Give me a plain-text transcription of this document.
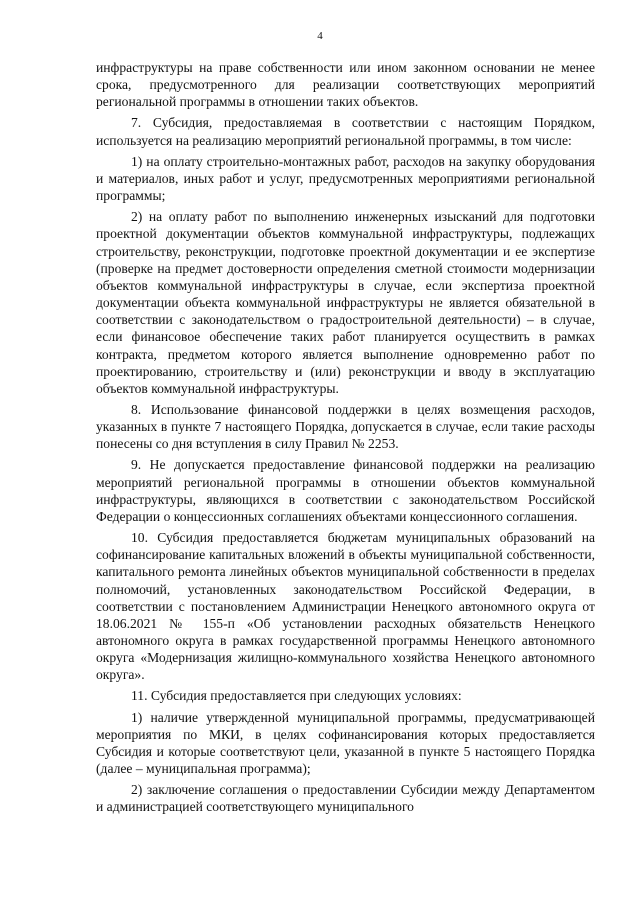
4

инфраструктуры на праве собственности или ином законном основании не менее срока, предусмотренного для реализации соответствующих мероприятий региональной программы в отношении таких объектов.

7. Субсидия, предоставляемая в соответствии с настоящим Порядком, используется на реализацию мероприятий региональной программы, в том числе:

1) на оплату строительно-монтажных работ, расходов на закупку оборудования и материалов, иных работ и услуг, предусмотренных мероприятиями региональной программы;

2) на оплату работ по выполнению инженерных изысканий для подготовки проектной документации объектов коммунальной инфраструктуры, подлежащих строительству, реконструкции, подготовке проектной документации и ее экспертизе (проверке на предмет достоверности определения сметной стоимости модернизации объектов коммунальной инфраструктуры в случае, если экспертиза проектной документации объекта коммунальной инфраструктуры не является обязательной в соответствии с законодательством о градостроительной деятельности) – в случае, если финансовое обеспечение таких работ планируется осуществить в рамках контракта, предметом которого является выполнение одновременно работ по проектированию, строительству и (или) реконструкции и вводу в эксплуатацию объектов коммунальной инфраструктуры.

8. Использование финансовой поддержки в целях возмещения расходов, указанных в пункте 7 настоящего Порядка, допускается в случае, если такие расходы понесены со дня вступления в силу Правил № 2253.

9. Не допускается предоставление финансовой поддержки на реализацию мероприятий региональной программы в отношении объектов коммунальной инфраструктуры, являющихся в соответствии с законодательством Российской Федерации о концессионных соглашениях объектами концессионного соглашения.

10. Субсидия предоставляется бюджетам муниципальных образований на софинансирование капитальных вложений в объекты муниципальной собственности, капитального ремонта линейных объектов муниципальной собственности в пределах полномочий, установленных законодательством Российской Федерации, в соответствии с постановлением Администрации Ненецкого автономного округа от 18.06.2021 № 155-п «Об установлении расходных обязательств Ненецкого автономного округа в рамках государственной программы Ненецкого автономного округа «Модернизация жилищно-коммунального хозяйства Ненецкого автономного округа».

11. Субсидия предоставляется при следующих условиях:

1) наличие утвержденной муниципальной программы, предусматривающей мероприятия по МКИ, в целях софинансирования которых предоставляется Субсидия и которые соответствуют цели, указанной в пункте 5 настоящего Порядка (далее – муниципальная программа);

2) заключение соглашения о предоставлении Субсидии между Департаментом и администрацией соответствующего муниципального
